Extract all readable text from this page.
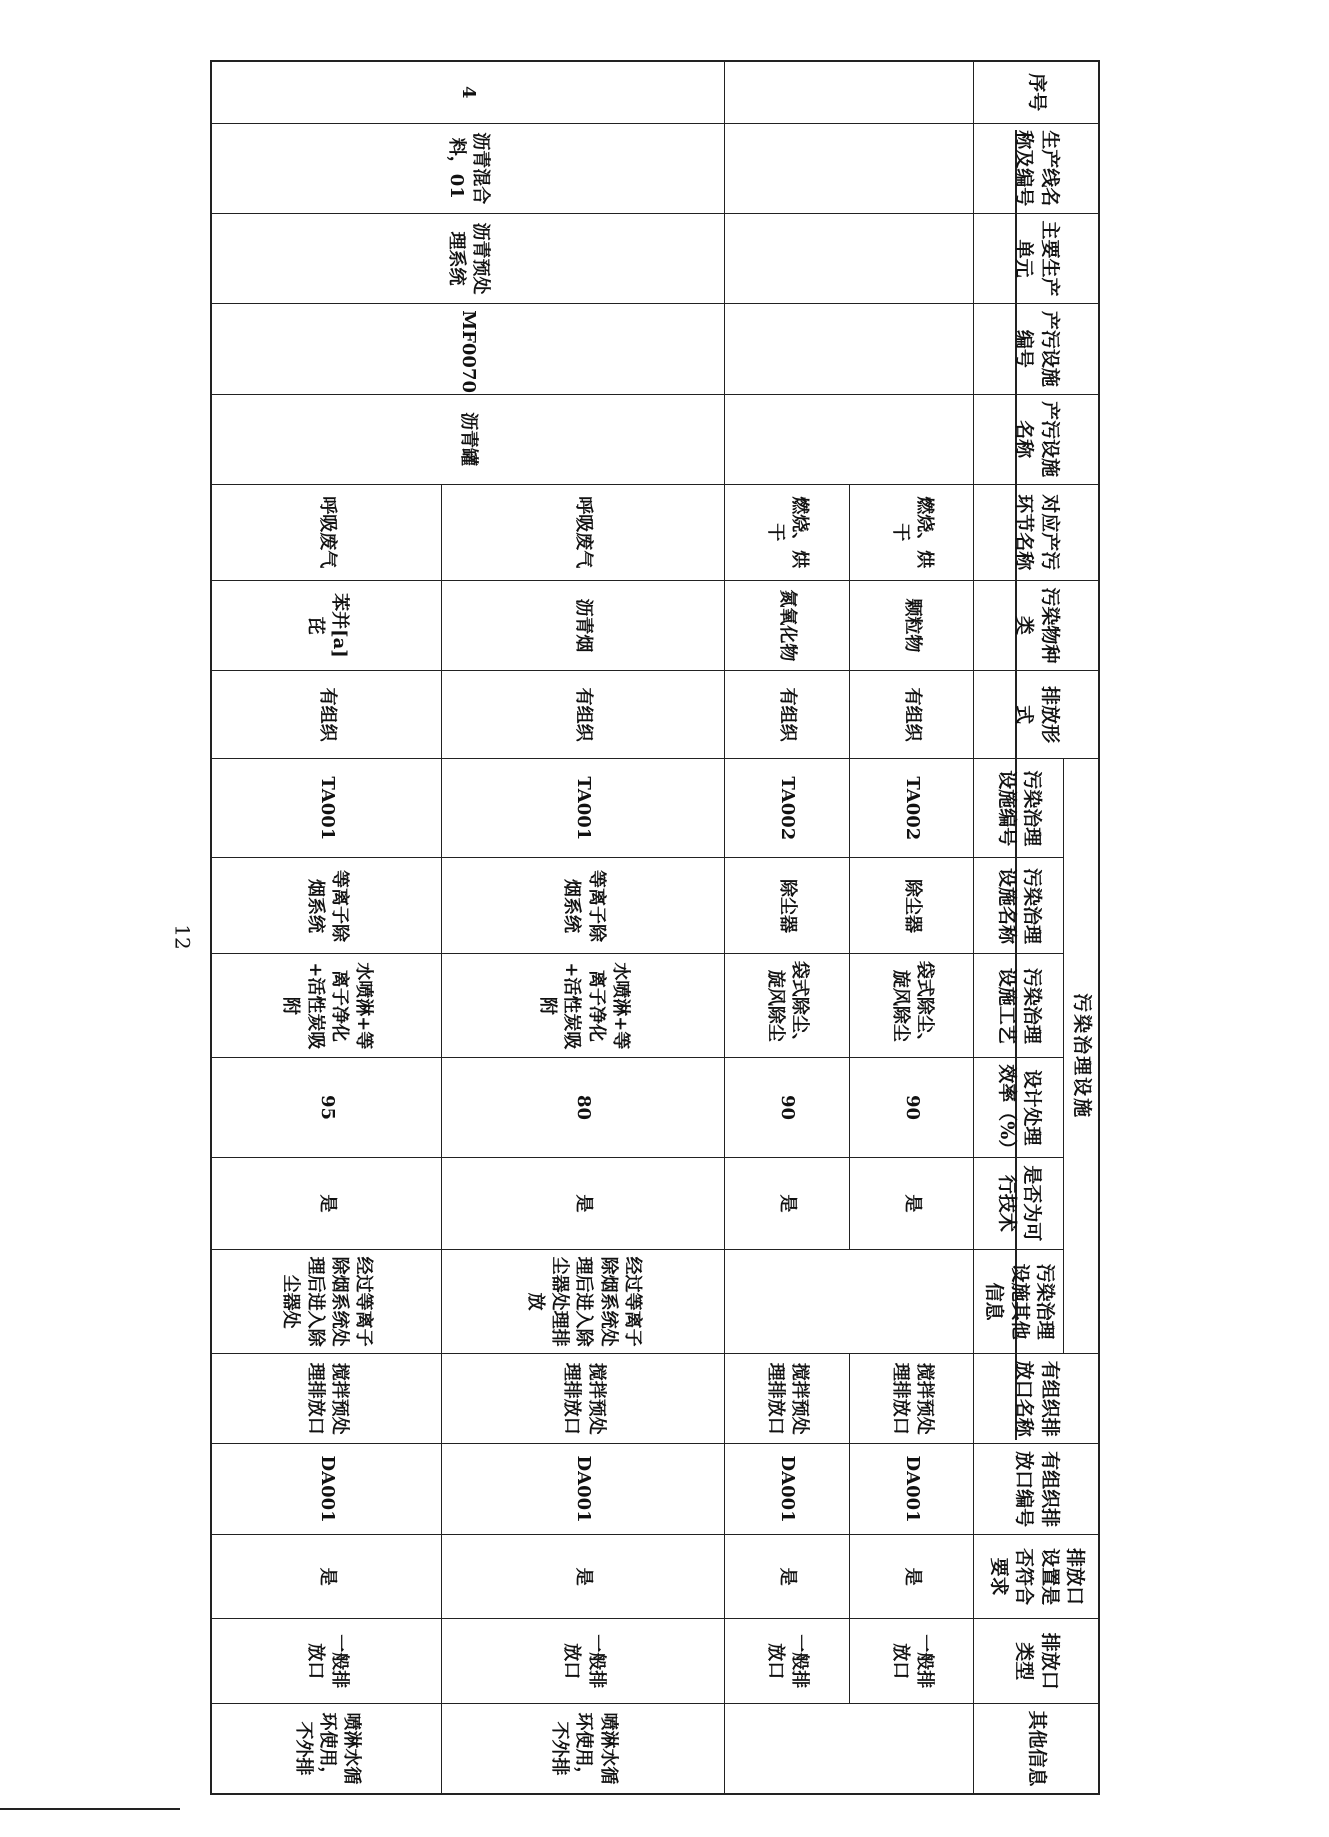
12
序号	生产线名称及编号	主要生产单元	产污设施编号	产污设施名称	对应产污环节名称	污染物种类	排放形式	污染治理设施						有组织排放口名称	有组织排放口编号	排放口设置是否符合要求	排放口类型	其他信息
								污染治理设施编号	污染治理设施名称	污染治理设施工艺	设计处理效率（%）	是否为可行技术	污染治理设施其他信息					
					燃烧、烘干	颗粒物	有组织	TA002	除尘器	袋式除尘、旋风除尘	90	是		搅拌预处理排放口	DA001	是	一般排放口	
					燃烧、烘干	氮氧化物	有组织	TA002	除尘器	袋式除尘、旋风除尘	90	是		搅拌预处理排放口	DA001	是	一般排放口	
4	沥青混合料，01	沥青预处理系统	MF0070	沥青罐	呼吸废气	沥青烟	有组织	TA001	等离子除烟系统	水喷淋+等离子净化+活性炭吸附	80	是	经过等离子除烟系统处理后进入除尘器处理排放	搅拌预处理排放口	DA001	是	一般排放口	喷淋水循环使用，不外排
					呼吸废气	苯并[a]芘	有组织	TA001	等离子除烟系统	水喷淋+等离子净化+活性炭吸附	95	是	经过等离子除烟系统处理后进入除尘器处	搅拌预处理排放口	DA001	是	一般排放口	喷淋水循环使用，不外排
